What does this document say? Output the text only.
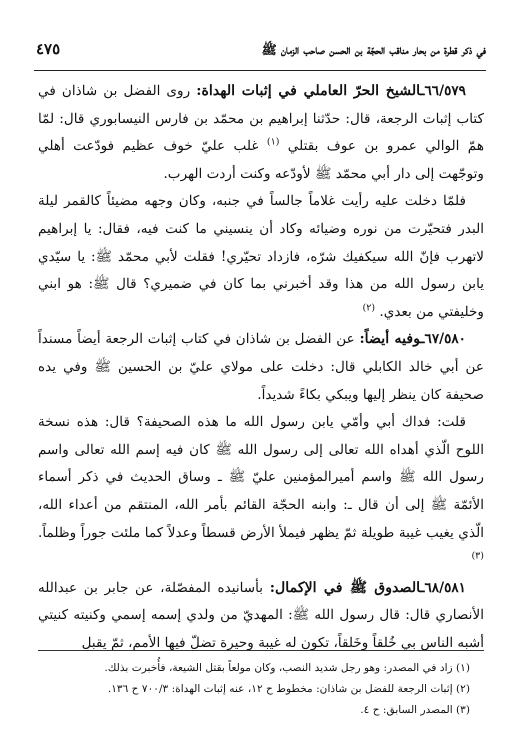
في ذكر قطرة من بحار مناقب الحجّة بن الحسن صاحب الزمان ﷺ
٤٧٥

٦٦/٥٧٩ـالشيخ الحرّ العاملي في إثبات الهداة: روى الفضل بن شاذان في كتاب إثبات الرجعة، قال: حدّثنا إبراهيم بن محمّد بن فارس النيسابوري قال: لمّا همّ الوالي عمرو بن عوف بقتلي $^{(١)}$ غلب عليّ خوف عظيم فودّعت أهلي وتوجّهت إلى دار أبي محمّد ﷺ لأودّعه وكنت أردت الهرب.

فلمّا دخلت عليه رأيت غلاماً جالساً في جنبه، وكان وجهه مضيئاً كالقمر ليلة البدر فتحيّرت من نوره وضيائه وكاد أن ينسيني ما كنت فيه، فقال: يا إبراهيم لاتهرب فإنّ الله سيكفيك شرّه، فازداد تحيّري! فقلت لأبي محمّد ﷺ: يا سيّدي يابن رسول الله من هذا وقد أخبرني بما كان في ضميري؟ قال ﷺ: هو ابني وخليفتي من بعدي. $^{(٢)}$

٦٧/٥٨٠ـوفيه أيضاً: عن الفضل بن شاذان في كتاب إثبات الرجعة أيضاً مسنداً عن أبي خالد الكابلي قال: دخلت على مولاي عليّ بن الحسين ﷺ وفي يده صحيفة كان ينظر إليها ويبكي بكاءً شديداً.

قلت: فداك أبي وأمّي يابن رسول الله ما هذه الصحيفة؟ قال: هذه نسخة اللوح الّذي أهداه الله تعالى إلى رسول الله ﷺ كان فيه إسم الله تعالى واسم رسول الله ﷺ واسم أميرالمؤمنين عليّ ﷺ ـ وساق الحديث في ذكر أسماء الأئمّة ﷺ إلى أن قال ـ: وابنه الحجّة القائم بأمر الله، المنتقم من أعداء الله، الّذي يغيب غيبة طويلة ثمّ يظهر فيملأ الأرض قسطاً وعدلاً كما ملئت جوراً وظلماً. $^{(٣)}$

٦٨/٥٨١ـالصدوق ﷺ في الإكمال: بأسانيده المفصّلة، عن جابر بن عبدالله الأنصاري قال: قال رسول الله ﷺ: المهديّ من ولدي إسمه إسمي وكنيته كنيتي أشبه الناس بي خُلقاً وخَلقاً، تكون له غيبة وحيرة تضلّ فيها الأمم، ثمّ يقبل

(١) زاد في المصدر: وهو رجل شديد النصب، وكان مولعاً بقتل الشيعة، فأُخبرت بذلك.

(٢) إثبات الرجعة للفضل بن شاذان: مخطوط ح ١٢، عنه إثبات الهداة: ٧٠٠/٣ ح ١٣٦.

(٣) المصدر السابق: ح ٤.
